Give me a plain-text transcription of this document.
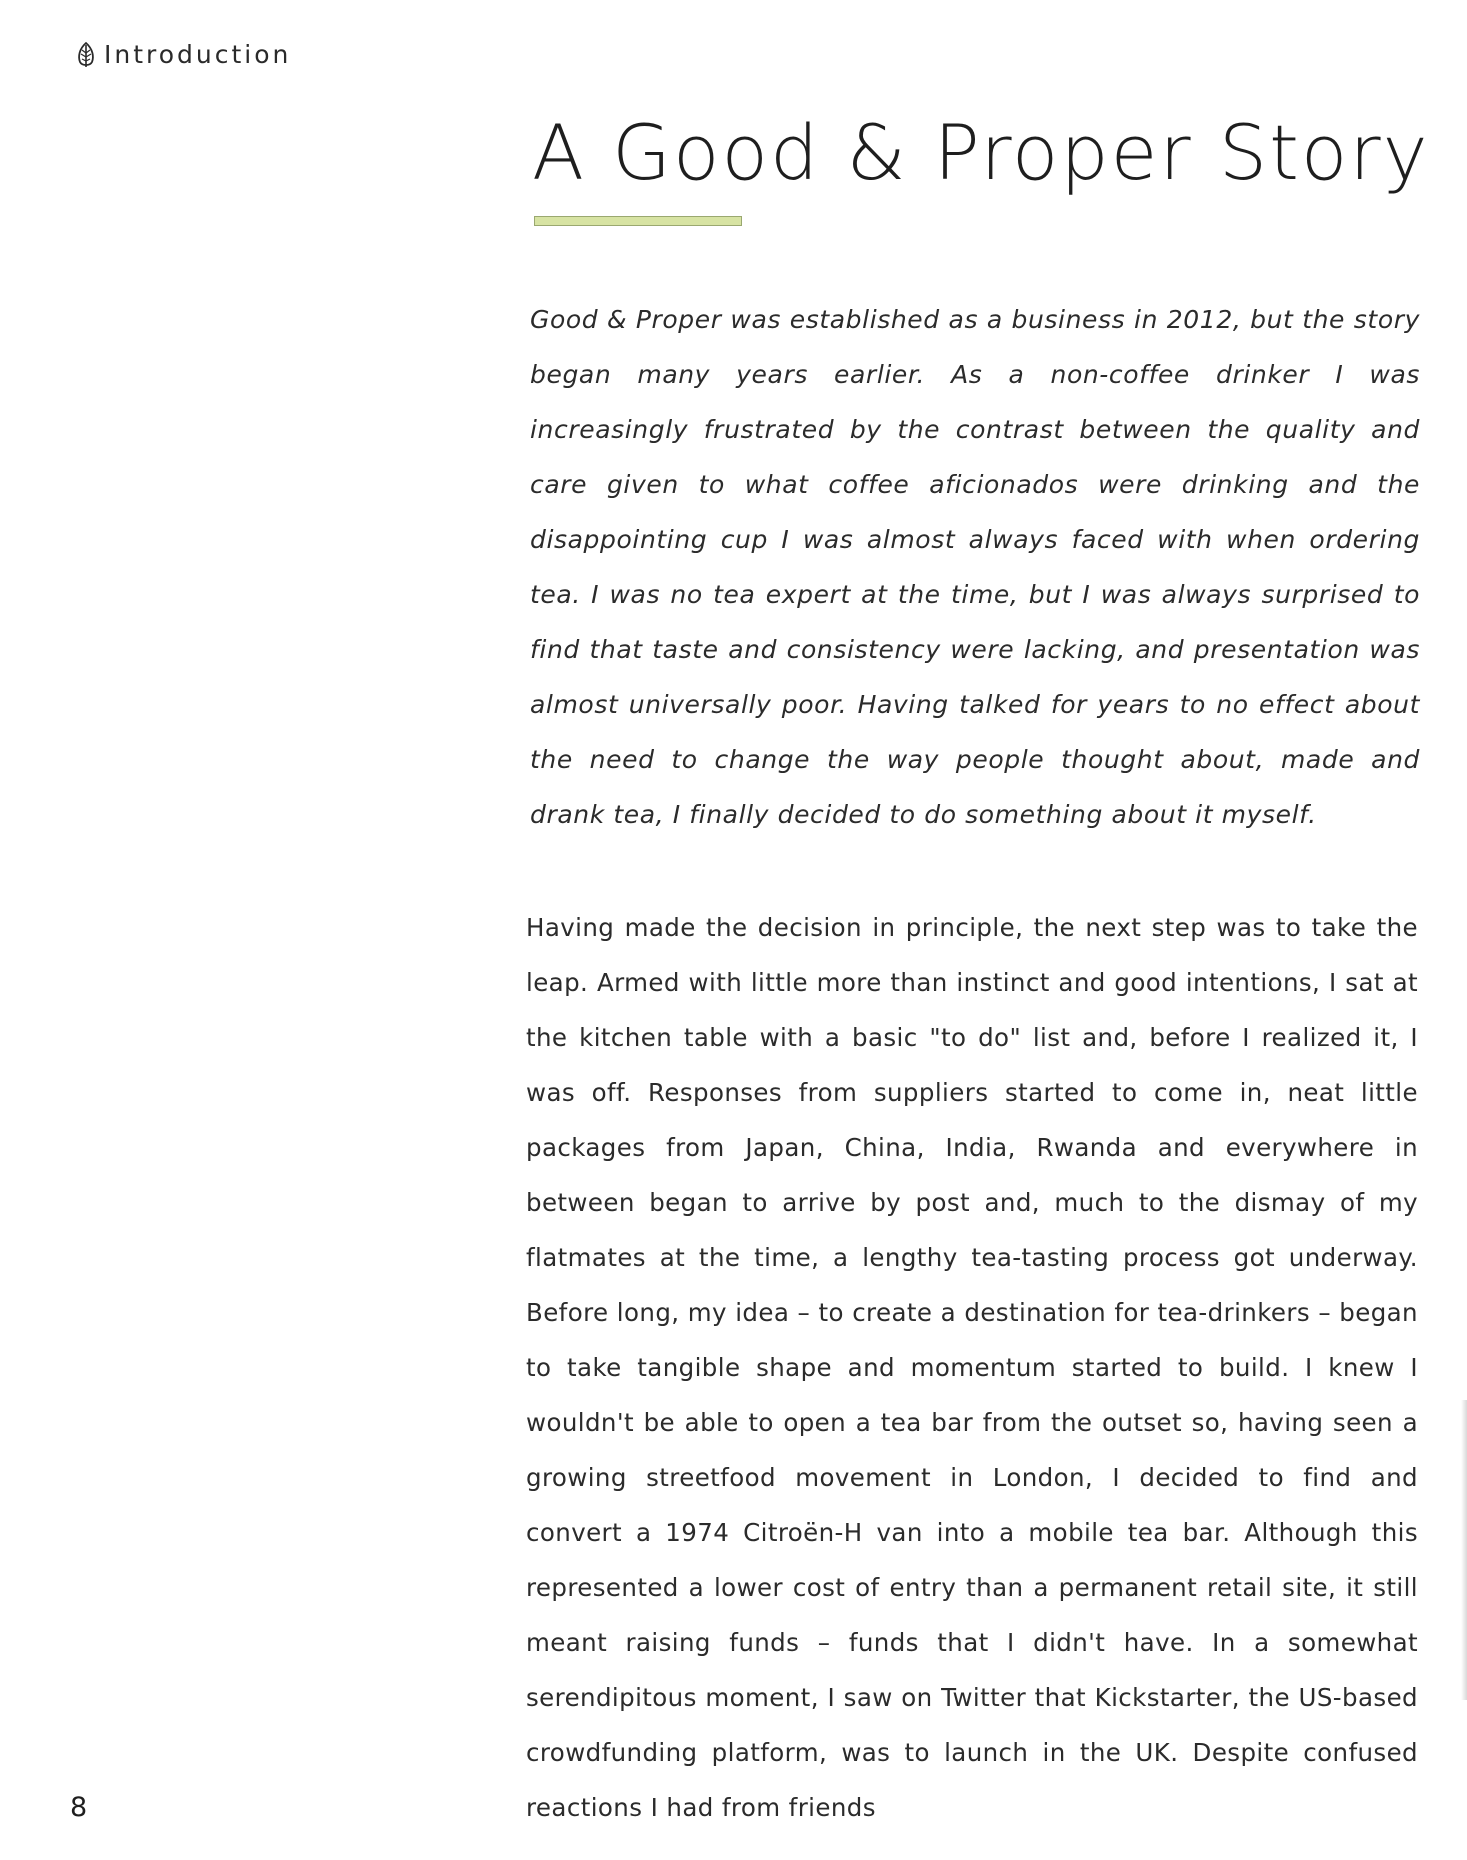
Introduction
A Good & Proper Story

Good & Proper was established as a business in 2012, but the story began many years earlier. As a non-coffee drinker I was increasingly frustrated by the contrast between the quality and care given to what coffee aficionados were drinking and the disappointing cup I was almost always faced with when ordering tea. I was no tea expert at the time, but I was always surprised to find that taste and consistency were lacking, and presentation was almost universally poor. Having talked for years to no effect about the need to change the way people thought about, made and drank tea, I finally decided to do something about it myself.

Having made the decision in principle, the next step was to take the leap. Armed with little more than instinct and good intentions, I sat at the kitchen table with a basic "to do" list and, before I realized it, I was off. Responses from suppliers started to come in, neat little packages from Japan, China, India, Rwanda and everywhere in between began to arrive by post and, much to the dismay of my flatmates at the time, a lengthy tea-tasting process got underway. Before long, my idea – to create a destination for tea-drinkers – began to take tangible shape and momentum started to build. I knew I wouldn't be able to open a tea bar from the outset so, having seen a growing streetfood movement in London, I decided to find and convert a 1974 Citroën-H van into a mobile tea bar. Although this represented a lower cost of entry than a permanent retail site, it still meant raising funds – funds that I didn't have. In a somewhat serendipitous moment, I saw on Twitter that Kickstarter, the US-based crowdfunding platform, was to launch in the UK. Despite confused reactions I had from friends

8
